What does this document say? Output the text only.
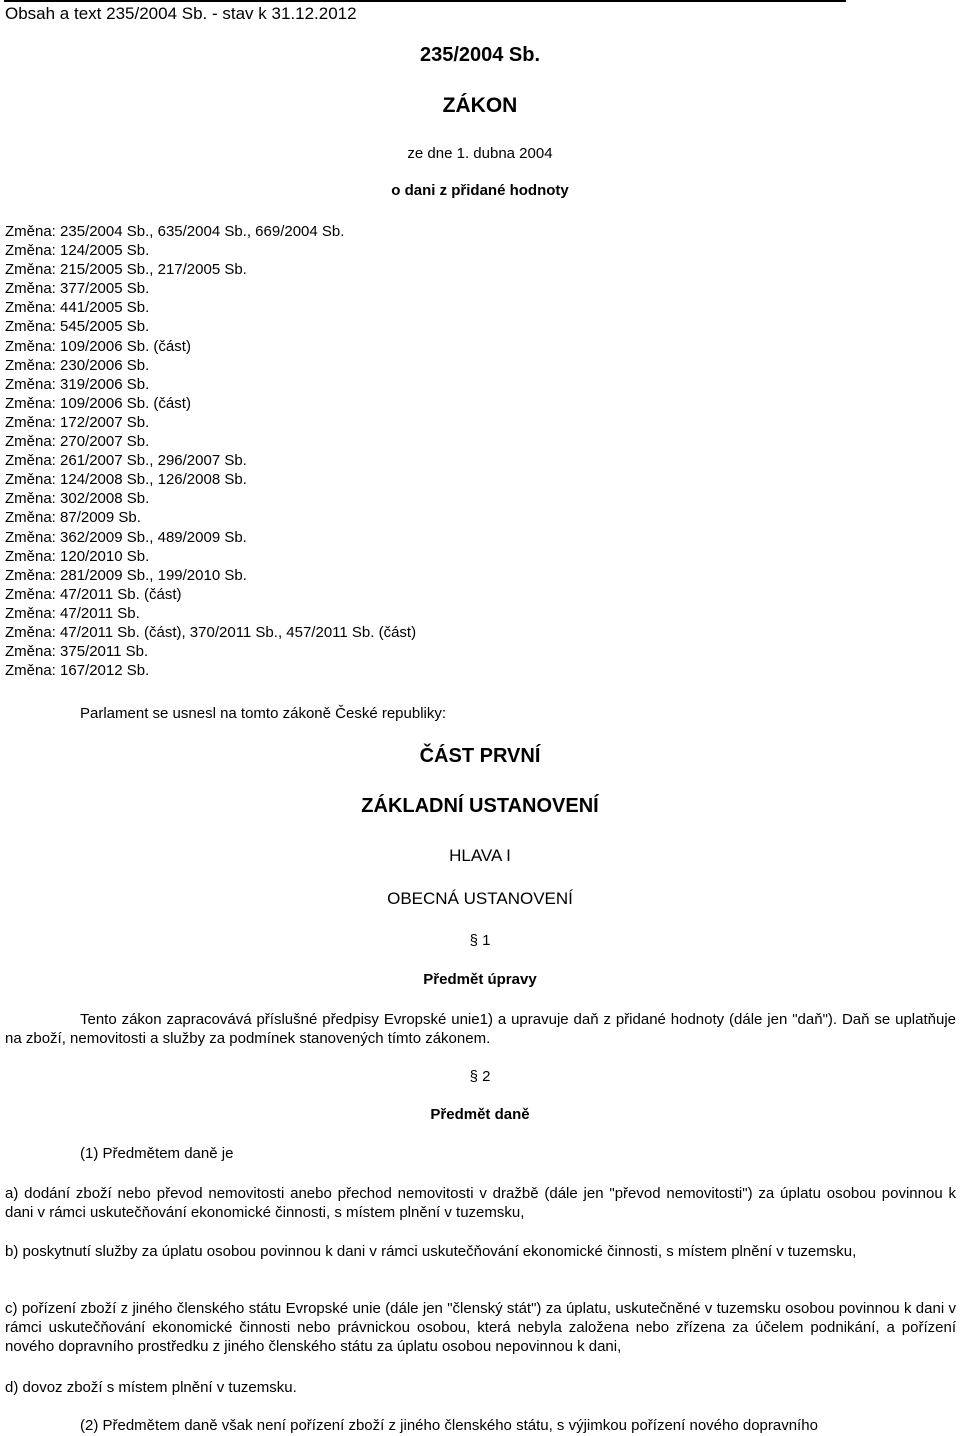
Obsah a text 235/2004 Sb. - stav k 31.12.2012
235/2004 Sb.
ZÁKON
ze dne 1. dubna 2004
o dani z přidané hodnoty
Změna: 235/2004 Sb., 635/2004 Sb., 669/2004 Sb.
Změna: 124/2005 Sb.
Změna: 215/2005 Sb., 217/2005 Sb.
Změna: 377/2005 Sb.
Změna: 441/2005 Sb.
Změna: 545/2005 Sb.
Změna: 109/2006 Sb. (část)
Změna: 230/2006 Sb.
Změna: 319/2006 Sb.
Změna: 109/2006 Sb. (část)
Změna: 172/2007 Sb.
Změna: 270/2007 Sb.
Změna: 261/2007 Sb., 296/2007 Sb.
Změna: 124/2008 Sb., 126/2008 Sb.
Změna: 302/2008 Sb.
Změna: 87/2009 Sb.
Změna: 362/2009 Sb., 489/2009 Sb.
Změna: 120/2010 Sb.
Změna: 281/2009 Sb., 199/2010 Sb.
Změna: 47/2011 Sb. (část)
Změna: 47/2011 Sb.
Změna: 47/2011 Sb. (část), 370/2011 Sb., 457/2011 Sb. (část)
Změna: 375/2011 Sb.
Změna: 167/2012 Sb.
Parlament se usnesl na tomto zákoně České republiky:
ČÁST PRVNÍ
ZÁKLADNÍ USTANOVENÍ
HLAVA I
OBECNÁ USTANOVENÍ
§ 1
Předmět úpravy

Tento zákon zapracovává příslušné předpisy Evropské unie1) a upravuje daň z přidané hodnoty (dále jen "daň"). Daň se uplatňuje na zboží, nemovitosti a služby za podmínek stanovených tímto zákonem.

§ 2
Předmět daně
(1) Předmětem daně je

a) dodání zboží nebo převod nemovitosti anebo přechod nemovitosti v dražbě (dále jen "převod nemovitosti") za úplatu osobou povinnou k dani v rámci uskutečňování ekonomické činnosti, s místem plnění v tuzemsku,

b) poskytnutí služby za úplatu osobou povinnou k dani v rámci uskutečňování ekonomické činnosti, s místem plnění v tuzemsku,

c) pořízení zboží z jiného členského státu Evropské unie (dále jen "členský stát") za úplatu, uskutečněné v tuzemsku osobou povinnou k dani v rámci uskutečňování ekonomické činnosti nebo právnickou osobou, která nebyla založena nebo zřízena za účelem podnikání, a pořízení nového dopravního prostředku z jiného členského státu za úplatu osobou nepovinnou k dani,

d) dovoz zboží s místem plnění v tuzemsku.

(2) Předmětem daně však není pořízení zboží z jiného členského státu, s výjimkou pořízení nového dopravního
